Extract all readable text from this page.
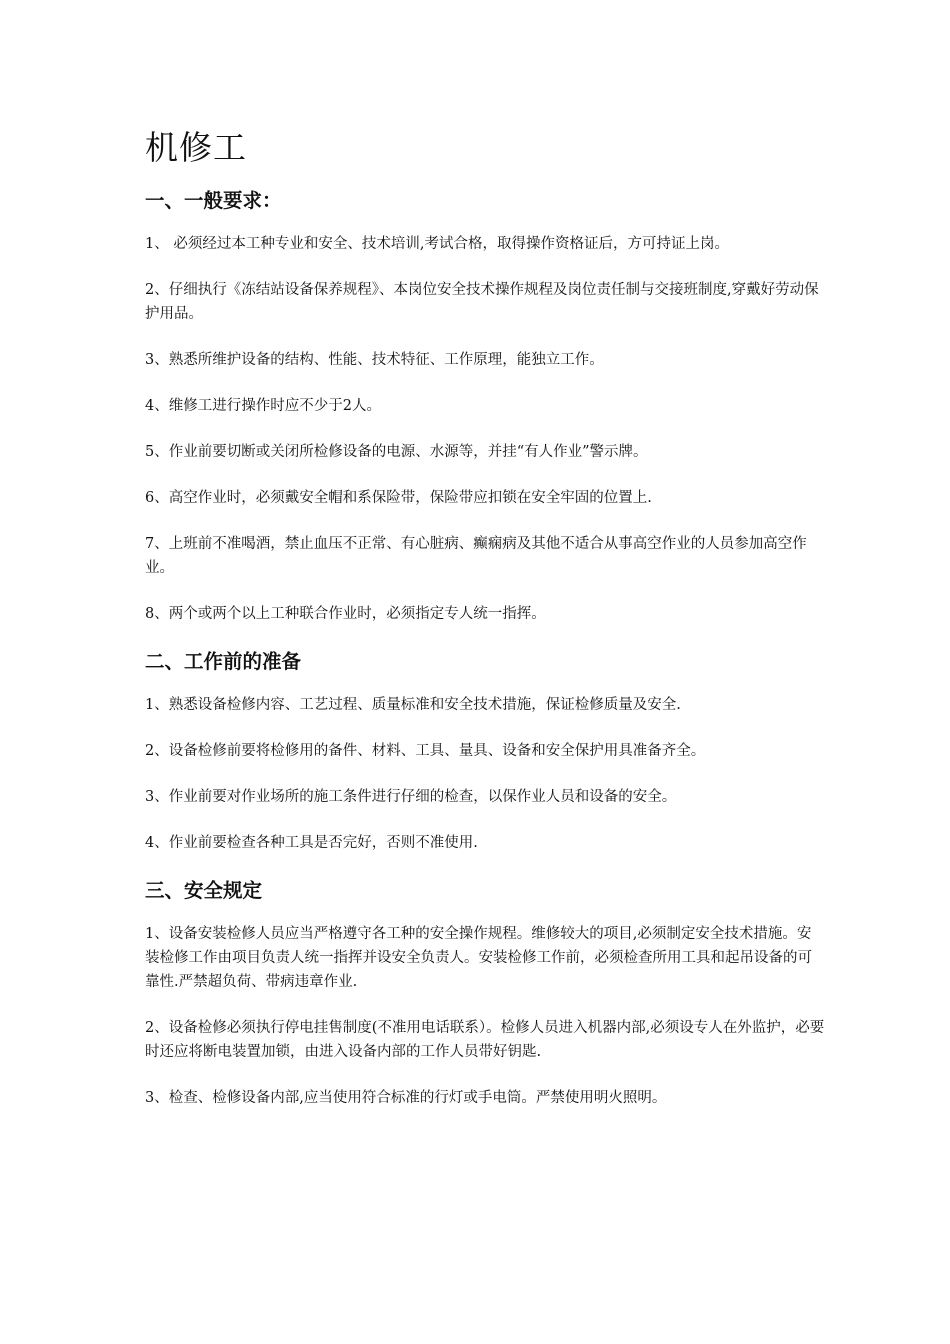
机修工
一、一般要求：

1、 必须经过本工种专业和安全、技术培训,考试合格，取得操作资格证后，方可持证上岗。

2、仔细执行《冻结站设备保养规程》、本岗位安全技术操作规程及岗位责任制与交接班制度,穿戴好劳动保护用品。

3、熟悉所维护设备的结构、性能、技术特征、工作原理，能独立工作。

4、维修工进行操作时应不少于2人。

5、作业前要切断或关闭所检修设备的电源、水源等，并挂“有人作业”警示牌。

6、高空作业时，必须戴安全帽和系保险带，保险带应扣锁在安全牢固的位置上.

7、上班前不准喝酒，禁止血压不正常、有心脏病、癫痫病及其他不适合从事高空作业的人员参加高空作业。

8、两个或两个以上工种联合作业时，必须指定专人统一指挥。

二、工作前的准备

1、熟悉设备检修内容、工艺过程、质量标准和安全技术措施，保证检修质量及安全.

2、设备检修前要将检修用的备件、材料、工具、量具、设备和安全保护用具准备齐全。

3、作业前要对作业场所的施工条件进行仔细的检查，以保作业人员和设备的安全。

4、作业前要检查各种工具是否完好，否则不准使用.

三、安全规定

1、设备安装检修人员应当严格遵守各工种的安全操作规程。维修较大的项目,必须制定安全技术措施。安装检修工作由项目负责人统一指挥并设安全负责人。安装检修工作前，必须检查所用工具和起吊设备的可靠性.严禁超负荷、带病违章作业.

2、设备检修必须执行停电挂售制度(不准用电话联系）。检修人员进入机器内部,必须设专人在外监护，必要时还应将断电装置加锁，由进入设备内部的工作人员带好钥匙.

3、检查、检修设备内部,应当使用符合标准的行灯或手电筒。严禁使用明火照明。
